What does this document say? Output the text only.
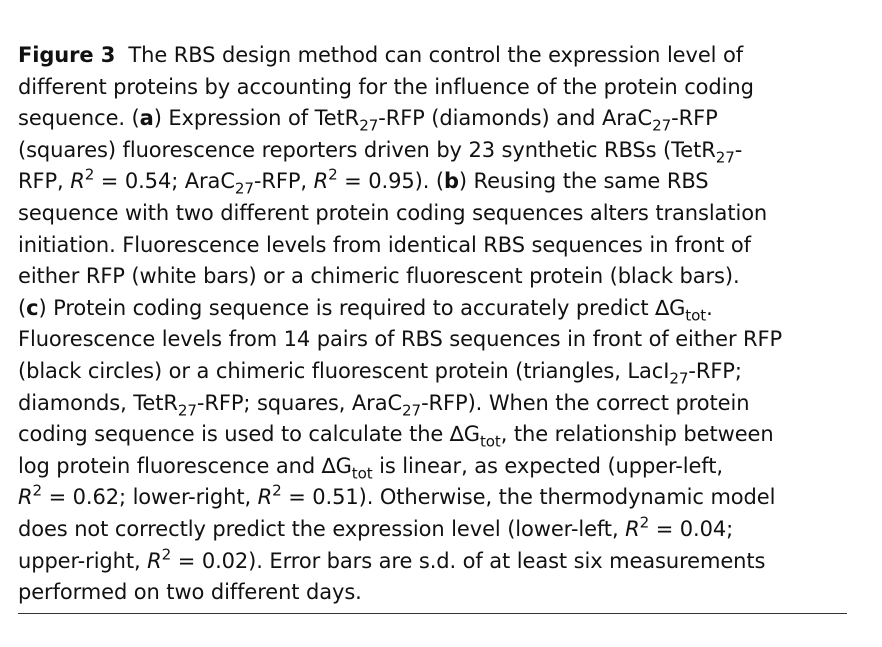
Figure 3 The RBS design method can control the expression level of
different proteins by accounting for the influence of the protein coding
sequence. (a) Expression of TetR$_{27}$-RFP (diamonds) and AraC$_{27}$-RFP
(squares) fluorescence reporters driven by 23 synthetic RBSs (TetR$_{27}$-
RFP, $R^2 = 0.54$; AraC$_{27}$-RFP, $R^2 = 0.95$). (b) Reusing the same RBS
sequence with two different protein coding sequences alters translation
initiation. Fluorescence levels from identical RBS sequences in front of
either RFP (white bars) or a chimeric fluorescent protein (black bars).
(c) Protein coding sequence is required to accurately predict $\Delta G_{tot}$.
Fluorescence levels from 14 pairs of RBS sequences in front of either RFP
(black circles) or a chimeric fluorescent protein (triangles, LacI$_{27}$-RFP;
diamonds, TetR$_{27}$-RFP; squares, AraC$_{27}$-RFP). When the correct protein
coding sequence is used to calculate the $\Delta G_{tot}$, the relationship between
log protein fluorescence and $\Delta G_{tot}$ is linear, as expected (upper-left,
$R^2 = 0.62$; lower-right, $R^2 = 0.51$). Otherwise, the thermodynamic model
does not correctly predict the expression level (lower-left, $R^2 = 0.04$;
upper-right, $R^2 = 0.02$). Error bars are s.d. of at least six measurements
performed on two different days.
